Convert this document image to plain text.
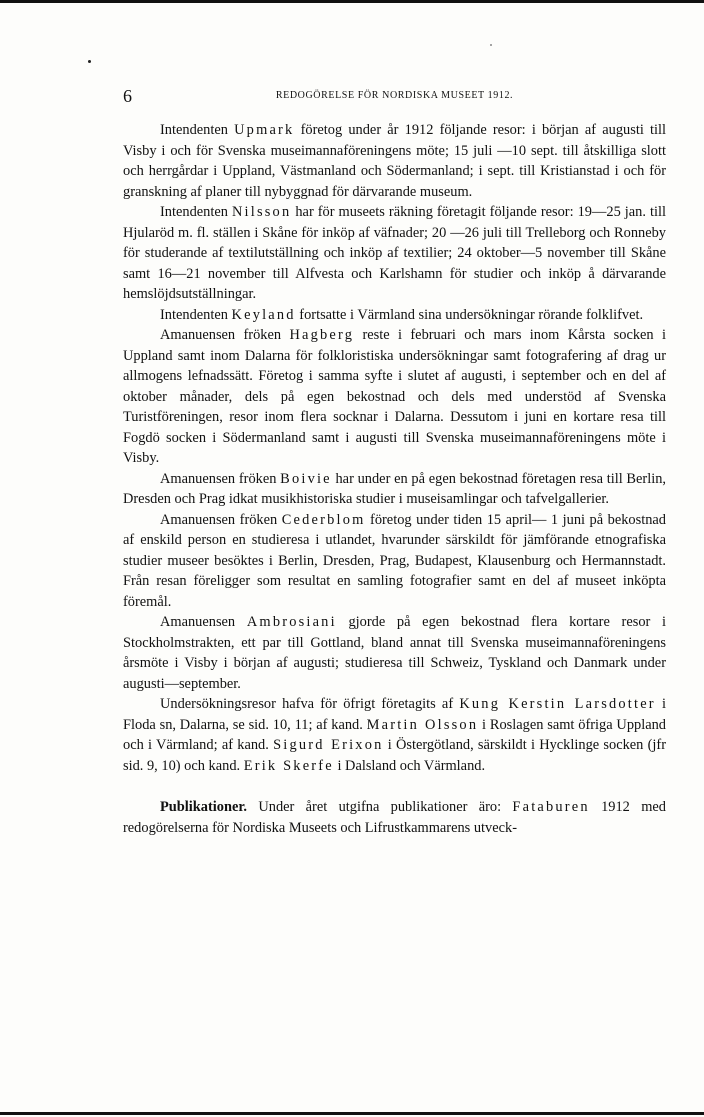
6	REDOGÖRELSE FÖR NORDISKA MUSEET 1912.

Intendenten Upmark företog under år 1912 följande resor: i början af augusti till Visby i och för Svenska museimannaföreningens möte; 15 juli —10 sept. till åtskilliga slott och herrgårdar i Uppland, Västmanland och Södermanland; i sept. till Kristianstad i och för granskning af planer till nybyggnad för därvarande museum.

Intendenten Nilsson har för museets räkning företagit följande resor: 19—25 jan. till Hjularöd m. fl. ställen i Skåne för inköp af väfnader; 20 —26 juli till Trelleborg och Ronneby för studerande af textilutställning och inköp af textilier; 24 oktober—5 november till Skåne samt 16—21 november till Alfvesta och Karlshamn för studier och inköp å därvarande hemslöjdsutställningar.

Intendenten Keyland fortsatte i Värmland sina undersökningar rörande folklifvet.

Amanuensen fröken Hagberg reste i februari och mars inom Kårsta socken i Uppland samt inom Dalarna för folkloristiska undersökningar samt fotografering af drag ur allmogens lefnadssätt. Företog i samma syfte i slutet af augusti, i september och en del af oktober månader, dels på egen bekostnad och dels med understöd af Svenska Turistföreningen, resor inom flera socknar i Dalarna. Dessutom i juni en kortare resa till Fogdö socken i Södermanland samt i augusti till Svenska museimannaföreningens möte i Visby.

Amanuensen fröken Boivie har under en på egen bekostnad företagen resa till Berlin, Dresden och Prag idkat musikhistoriska studier i museisamlingar och tafvelgallerier.

Amanuensen fröken Cederblom företog under tiden 15 april— 1 juni på bekostnad af enskild person en studieresa i utlandet, hvarunder särskildt för jämförande etnografiska studier museer besöktes i Berlin, Dresden, Prag, Budapest, Klausenburg och Hermannstadt. Från resan föreligger som resultat en samling fotografier samt en del af museet inköpta föremål.

Amanuensen Ambrosiani gjorde på egen bekostnad flera kortare resor i Stockholmstrakten, ett par till Gottland, bland annat till Svenska museimannaföreningens årsmöte i Visby i början af augusti; studieresa till Schweiz, Tyskland och Danmark under augusti—september.

Undersökningsresor hafva för öfrigt företagits af Kung Kerstin Larsdotter i Floda sn, Dalarna, se sid. 10, 11; af kand. Martin Olsson i Roslagen samt öfriga Uppland och i Värmland; af kand. Sigurd Erixon i Östergötland, särskildt i Hycklinge socken (jfr sid. 9, 10) och kand. Erik Skerfe i Dalsland och Värmland.

Publikationer. Under året utgifna publikationer äro: Fataburen 1912 med redogörelserna för Nordiska Museets och Lifrustkammarens utveck-
